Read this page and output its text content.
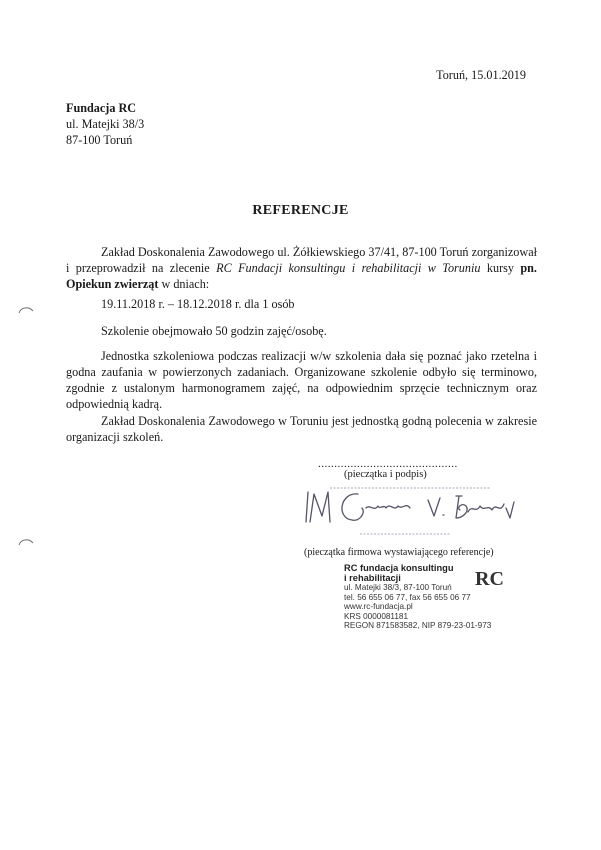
Toruń, 15.01.2019
Fundacja RC
ul. Matejki 38/3
87-100 Toruń
REFERENCJE

Zakład Doskonalenia Zawodowego ul. Żółkiewskiego 37/41, 87-100 Toruń zorganizował i przeprowadził na zlecenie RC Fundacji konsultingu i rehabilitacji w Toruniu kursy pn. Opiekun zwierząt w dniach:

19.11.2018 r. – 18.12.2018 r. dla 1 osób
Szkolenie obejmowało 50 godzin zajęć/osobę.

Jednostka szkoleniowa podczas realizacji w/w szkolenia dała się poznać jako rzetelna i godna zaufania w powierzonych zadaniach. Organizowane szkolenie odbyło się terminowo, zgodnie z ustalonym harmonogramem zajęć, na odpowiednim sprzęcie technicznym oraz odpowiednią kadrą.

Zakład Doskonalenia Zawodowego w Toruniu jest jednostką godną polecenia w zakresie organizacji szkoleń.

...........................................
(pieczątka i podpis)
(pieczątka firmowa wystawiającego referencje)
RC fundacja konsultingu
i rehabilitacji
ul. Matejki 38/3, 87-100 Toruń
tel. 56 655 06 77, fax 56 655 06 77
www.rc-fundacja.pl
KRS 0000081181
REGON 871583582, NIP 879-23-01-973
RC
